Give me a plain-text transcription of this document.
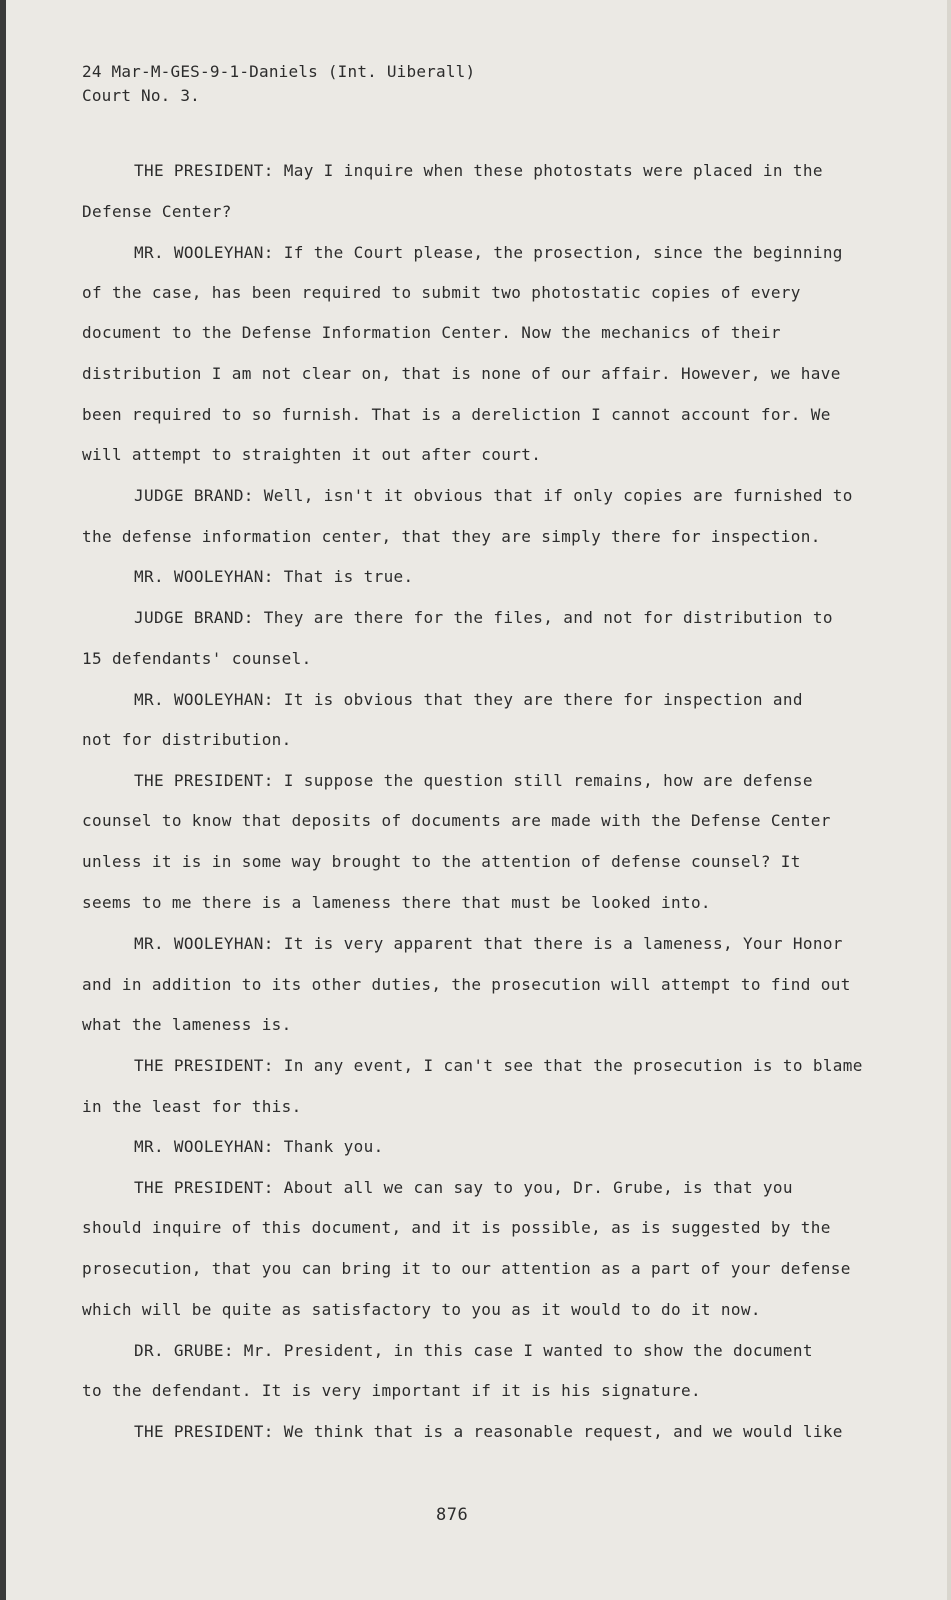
24 Mar-M-GES-9-1-Daniels (Int. Uiberall)
Court No. 3.
THE PRESIDENT: May I inquire when these photostats were placed in the
Defense Center?
MR. WOOLEYHAN: If the Court please, the prosection, since the beginning
of the case, has been required to submit two photostatic copies of every
document to the Defense Information Center. Now the mechanics of their
distribution I am not clear on, that is none of our affair. However, we have
been required to so furnish. That is a dereliction I cannot account for. We
will attempt to straighten it out after court.
JUDGE BRAND: Well, isn't it obvious that if only copies are furnished to
the defense information center, that they are simply there for inspection.
MR. WOOLEYHAN: That is true.
JUDGE BRAND: They are there for the files, and not for distribution to
15 defendants' counsel.
MR. WOOLEYHAN: It is obvious that they are there for inspection and
not for distribution.
THE PRESIDENT: I suppose the question still remains, how are defense
counsel to know that deposits of documents are made with the Defense Center
unless it is in some way brought to the attention of defense counsel? It
seems to me there is a lameness there that must be looked into.
MR. WOOLEYHAN: It is very apparent that there is a lameness, Your Honor
and in addition to its other duties, the prosecution will attempt to find out
what the lameness is.
THE PRESIDENT: In any event, I can't see that the prosecution is to blame
in the least for this.
MR. WOOLEYHAN: Thank you.
THE PRESIDENT: About all we can say to you, Dr. Grube, is that you
should inquire of this document, and it is possible, as is suggested by the
prosecution, that you can bring it to our attention as a part of your defense
which will be quite as satisfactory to you as it would to do it now.
DR. GRUBE: Mr. President, in this case I wanted to show the document
to the defendant. It is very important if it is his signature.
THE PRESIDENT: We think that is a reasonable request, and we would like
876
